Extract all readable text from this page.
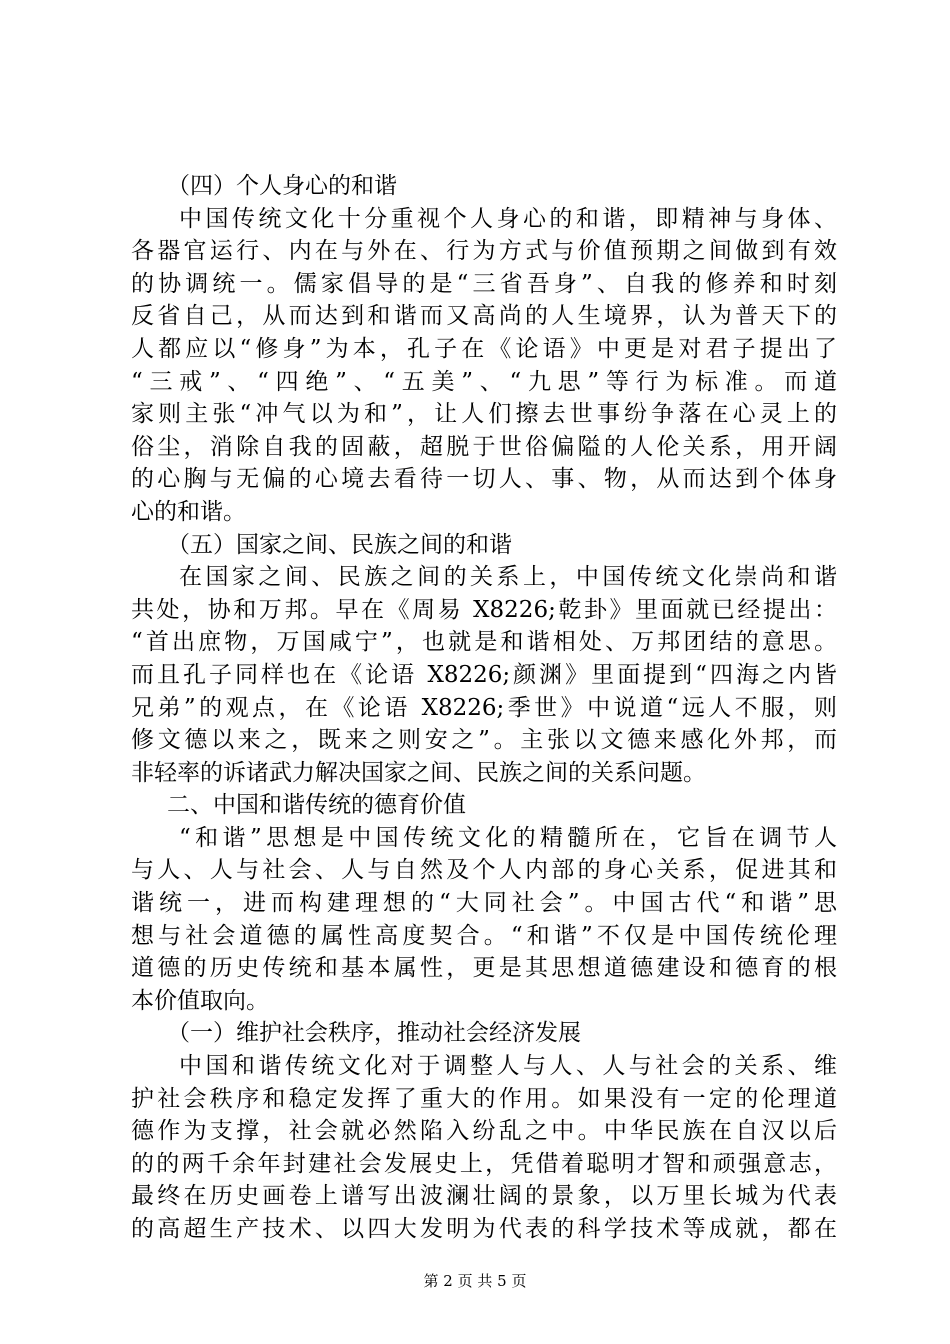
（四）个人身心的和谐
中国传统文化十分重视个人身心的和谐，即精神与身体、
各器官运行、内在与外在、行为方式与价值预期之间做到有效
的协调统一。儒家倡导的是“三省吾身”、自我的修养和时刻
反省自己，从而达到和谐而又高尚的人生境界，认为普天下的
人都应以“修身”为本，孔子在《论语》中更是对君子提出了
“三戒”、“四绝”、“五美”、“九思”等行为标准。而道
家则主张“冲气以为和”，让人们擦去世事纷争落在心灵上的
俗尘，消除自我的固蔽，超脱于世俗偏隘的人伦关系，用开阔
的心胸与无偏的心境去看待一切人、事、物，从而达到个体身
心的和谐。
（五）国家之间、民族之间的和谐
在国家之间、民族之间的关系上，中国传统文化崇尚和谐
共处，协和万邦。早在《周易 X8226;乾卦》里面就已经提出：
“首出庶物，万国咸宁”，也就是和谐相处、万邦团结的意思。
而且孔子同样也在《论语 X8226;颜渊》里面提到“四海之内皆
兄弟”的观点，在《论语 X8226;季世》中说道“远人不服，则
修文德以来之，既来之则安之”。主张以文德来感化外邦，而
非轻率的诉诸武力解决国家之间、民族之间的关系问题。
二、中国和谐传统的德育价值
“和谐”思想是中国传统文化的精髓所在，它旨在调节人
与人、人与社会、人与自然及个人内部的身心关系，促进其和
谐统一，进而构建理想的“大同社会”。中国古代“和谐”思
想与社会道德的属性高度契合。“和谐”不仅是中国传统伦理
道德的历史传统和基本属性，更是其思想道德建设和德育的根
本价值取向。
（一）维护社会秩序，推动社会经济发展
中国和谐传统文化对于调整人与人、人与社会的关系、维
护社会秩序和稳定发挥了重大的作用。如果没有一定的伦理道
德作为支撑，社会就必然陷入纷乱之中。中华民族在自汉以后
的的两千余年封建社会发展史上，凭借着聪明才智和顽强意志，
最终在历史画卷上谱写出波澜壮阔的景象，以万里长城为代表
的高超生产技术、以四大发明为代表的科学技术等成就，都在
第 2 页 共 5 页
